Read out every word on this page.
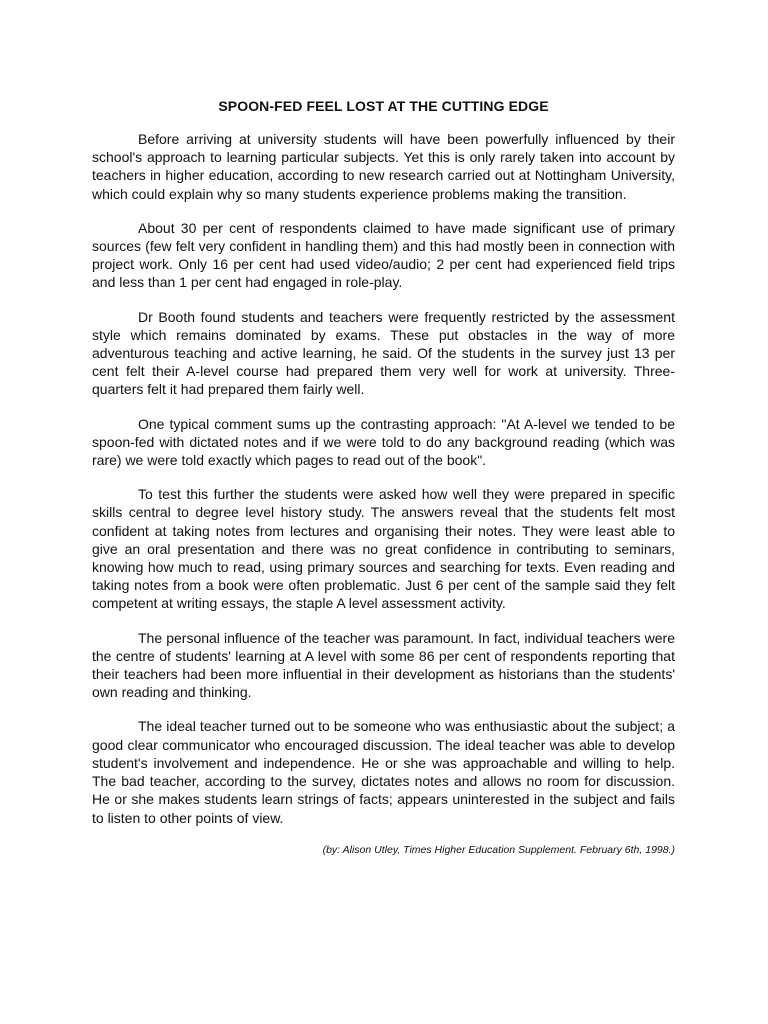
SPOON-FED FEEL LOST AT THE CUTTING EDGE

Before arriving at university students will have been powerfully influenced by their school's approach to learning particular subjects. Yet this is only rarely taken into account by teachers in higher education, according to new research carried out at Nottingham University, which could explain why so many students experience problems making the transition.

About 30 per cent of respondents claimed to have made significant use of primary sources (few felt very confident in handling them) and this had mostly been in connection with project work. Only 16 per cent had used video/audio; 2 per cent had experienced field trips and less than 1 per cent had engaged in role-play.

Dr Booth found students and teachers were frequently restricted by the assessment style which remains dominated by exams. These put obstacles in the way of more adventurous teaching and active learning, he said. Of the students in the survey just 13 per cent felt their A-level course had prepared them very well for work at university. Three-quarters felt it had prepared them fairly well.

One typical comment sums up the contrasting approach: "At A-level we tended to be spoon-fed with dictated notes and if we were told to do any background reading (which was rare) we were told exactly which pages to read out of the book".

To test this further the students were asked how well they were prepared in specific skills central to degree level history study. The answers reveal that the students felt most confident at taking notes from lectures and organising their notes. They were least able to give an oral presentation and there was no great confidence in contributing to seminars, knowing how much to read, using primary sources and searching for texts. Even reading and taking notes from a book were often problematic. Just 6 per cent of the sample said they felt competent at writing essays, the staple A level assessment activity.

The personal influence of the teacher was paramount. In fact, individual teachers were the centre of students' learning at A level with some 86 per cent of respondents reporting that their teachers had been more influential in their development as historians than the students' own reading and thinking.

The ideal teacher turned out to be someone who was enthusiastic about the subject; a good clear communicator who encouraged discussion. The ideal teacher was able to develop student's involvement and independence. He or she was approachable and willing to help. The bad teacher, according to the survey, dictates notes and allows no room for discussion. He or she makes students learn strings of facts; appears uninterested in the subject and fails to listen to other points of view.

(by: Alison Utley, Times Higher Education Supplement. February 6th, 1998.)
